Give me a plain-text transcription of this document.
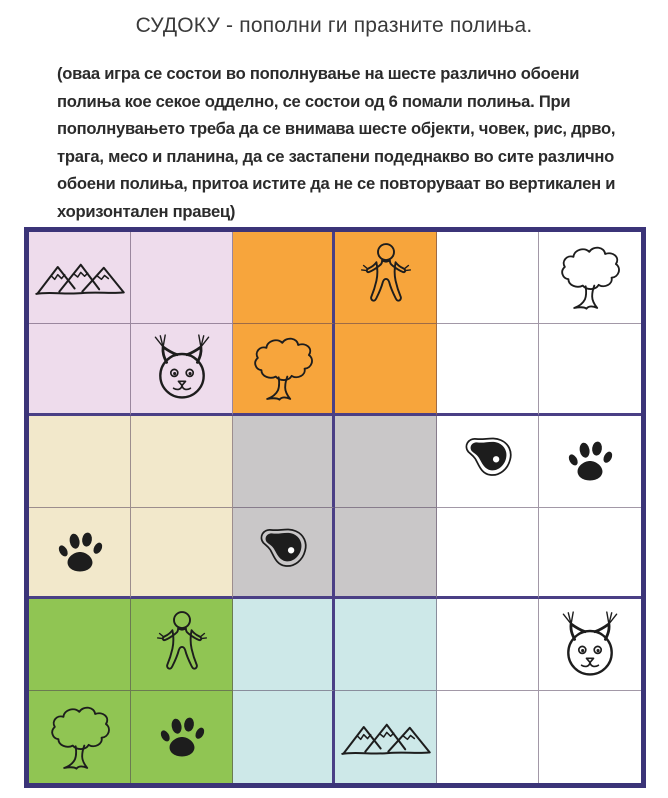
СУДОКУ - пополни ги празните полиња.

(оваа игра се состои во пополнување на шесте различно обоени полиња кое секое одделно, се состои од 6 помали полиња. При пополнувањето треба да се внимава шесте објекти, човек, рис, дрво, трага, месо и планина, да се застапени подеднакво во сите различно обоени полиња, притоа истите да не се повторуваат во вертикален и хоризонтален правец)
